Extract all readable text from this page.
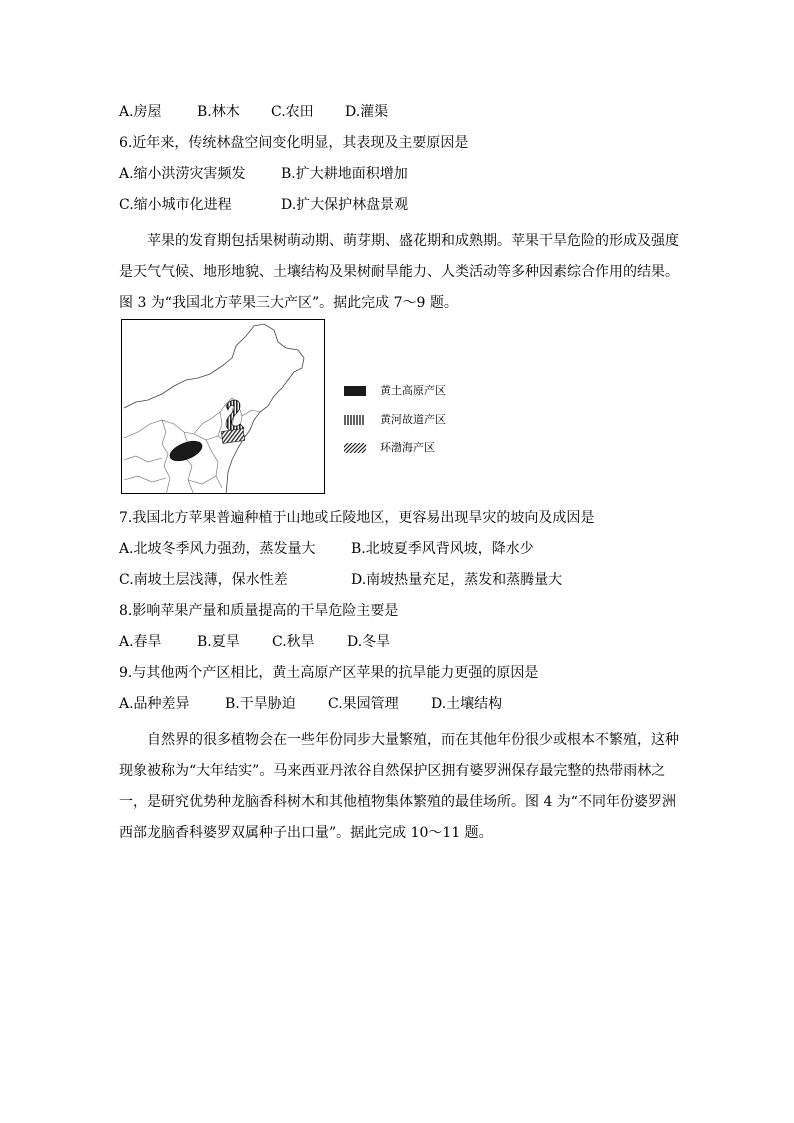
A.房屋	B.林木 C.农田 D.灌渠
6.近年来，传统林盘空间变化明显，其表现及主要原因是
A.缩小洪涝灾害频发	B.扩大耕地面积增加
C.缩小城市化进程	D.扩大保护林盘景观
苹果的发育期包括果树萌动期、萌芽期、盛花期和成熟期。苹果干旱危险的形成及强度是天气气候、地形地貌、土壤结构及果树耐旱能力、人类活动等多种因素综合作用的结果。图 3 为“我国北方苹果三大产区”。据此完成 7～9 题。
黄土高原产区
黄河故道产区
环渤海产区
7.我国北方苹果普遍种植于山地或丘陵地区，更容易出现旱灾的坡向及成因是
A.北坡冬季风力强劲，蒸发量大	B.北坡夏季风背风坡，降水少
C.南坡土层浅薄，保水性差	D.南坡热量充足，蒸发和蒸腾量大
8.影响苹果产量和质量提高的干旱危险主要是
A.春旱	B.夏旱 C.秋旱 D.冬旱
9.与其他两个产区相比，黄土高原产区苹果的抗旱能力更强的原因是
A.品种差异	B.干旱胁迫 C.果园管理 D.土壤结构
自然界的很多植物会在一些年份同步大量繁殖，而在其他年份很少或根本不繁殖，这种现象被称为“大年结实”。马来西亚丹浓谷自然保护区拥有婆罗洲保存最完整的热带雨林之一，是研究优势种龙脑香科树木和其他植物集体繁殖的最佳场所。图 4 为“不同年份婆罗洲西部龙脑香科婆罗双属种子出口量”。据此完成 10～11 题。
